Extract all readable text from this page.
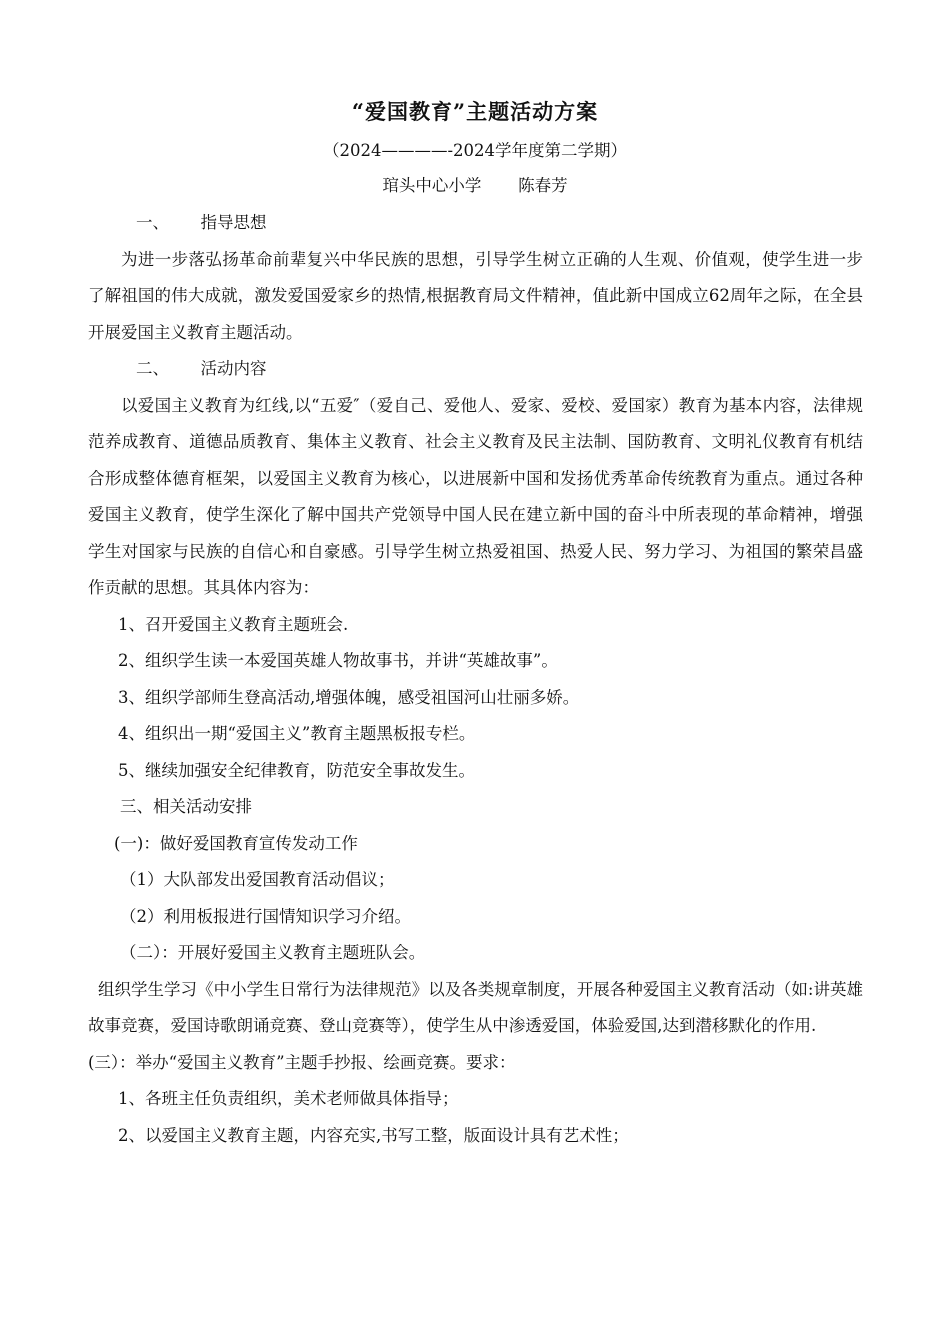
“爱国教育”主题活动方案
（2024————-2024学年度第二学期）
琯头中心小学       陈春芳

一、      指导思想

为进一步落弘扬革命前辈复兴中华民族的思想，引导学生树立正确的人生观、价值观，使学生进一步了解祖国的伟大成就，激发爱国爱家乡的热情,根据教育局文件精神，值此新中国成立62周年之际，在全县开展爱国主义教育主题活动。

二、      活动内容

以爱国主义教育为红线,以“五爱″（爱自己、爱他人、爱家、爱校、爱国家）教育为基本内容，法律规范养成教育、道德品质教育、集体主义教育、社会主义教育及民主法制、国防教育、文明礼仪教育有机结合形成整体德育框架，以爱国主义教育为核心，以进展新中国和发扬优秀革命传统教育为重点。通过各种爱国主义教育，使学生深化了解中国共产党领导中国人民在建立新中国的奋斗中所表现的革命精神，增强学生对国家与民族的自信心和自豪感。引导学生树立热爱祖国、热爱人民、努力学习、为祖国的繁荣昌盛作贡献的思想。其具体内容为：

1、召开爱国主义教育主题班会.

2、组织学生读一本爱国英雄人物故事书，并讲“英雄故事”。

3、组织学部师生登高活动,增强体魄，感受祖国河山壮丽多娇。

4、组织出一期“爱国主义”教育主题黑板报专栏。

5、继续加强安全纪律教育，防范安全事故发生。

三、相关活动安排

(一)：做好爱国教育宣传发动工作

（1）大队部发出爱国教育活动倡议；

（2）利用板报进行国情知识学习介绍。

（二）：开展好爱国主义教育主题班队会。

组织学生学习《中小学生日常行为法律规范》以及各类规章制度，开展各种爱国主义教育活动（如:讲英雄故事竞赛，爱国诗歌朗诵竞赛、登山竞赛等），使学生从中渗透爱国，体验爱国,达到潜移默化的作用.

(三）：举办“爱国主义教育”主题手抄报、绘画竞赛。要求：

1、各班主任负责组织，美术老师做具体指导；

2、以爱国主义教育主题，内容充实,书写工整，版面设计具有艺术性；
